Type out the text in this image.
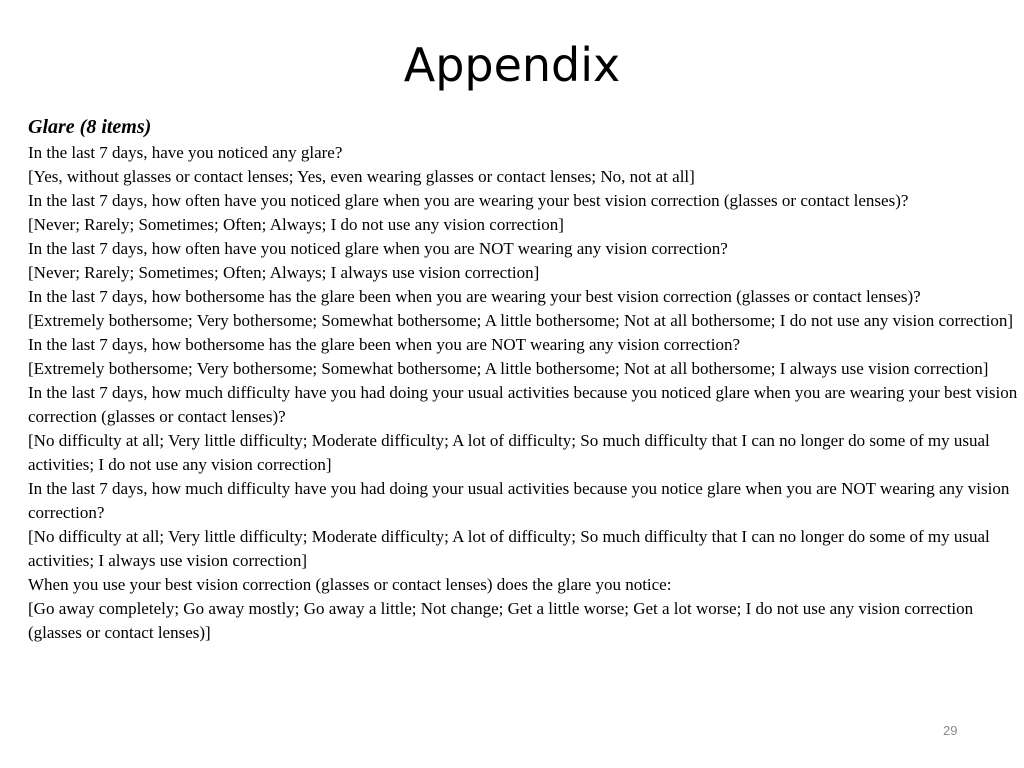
Appendix

Glare (8 items)

In the last 7 days, have you noticed any glare?

[Yes, without glasses or contact lenses; Yes, even wearing glasses or contact lenses; No, not at all]

In the last 7 days, how often have you noticed glare when you are wearing your best vision correction (glasses or contact lenses)?

[Never; Rarely; Sometimes; Often; Always; I do not use any vision correction]

In the last 7 days, how often have you noticed glare when you are NOT wearing any vision correction?

[Never; Rarely; Sometimes; Often; Always; I always use vision correction]

In the last 7 days, how bothersome has the glare been when you are wearing your best vision correction (glasses or contact lenses)?

[Extremely bothersome; Very bothersome; Somewhat bothersome; A little bothersome; Not at all bothersome; I do not use any vision correction]

In the last 7 days, how bothersome has the glare been when you are NOT wearing any vision correction?

[Extremely bothersome; Very bothersome; Somewhat bothersome; A little bothersome; Not at all bothersome; I always use vision correction]

In the last 7 days, how much difficulty have you had doing your usual activities because you noticed glare when you are wearing your best vision correction (glasses or contact lenses)?

[No difficulty at all; Very little difficulty; Moderate difficulty; A lot of difficulty; So much difficulty that I can no longer do some of my usual activities; I do not use any vision correction]

In the last 7 days, how much difficulty have you had doing your usual activities because you notice glare when you are NOT wearing any vision correction?

[No difficulty at all; Very little difficulty; Moderate difficulty; A lot of difficulty; So much difficulty that I can no longer do some of my usual activities; I always use vision correction]

When you use your best vision correction (glasses or contact lenses) does the glare you notice:

[Go away completely; Go away mostly; Go away a little; Not change; Get a little worse; Get a lot worse; I do not use any vision correction (glasses or contact lenses)]

29
